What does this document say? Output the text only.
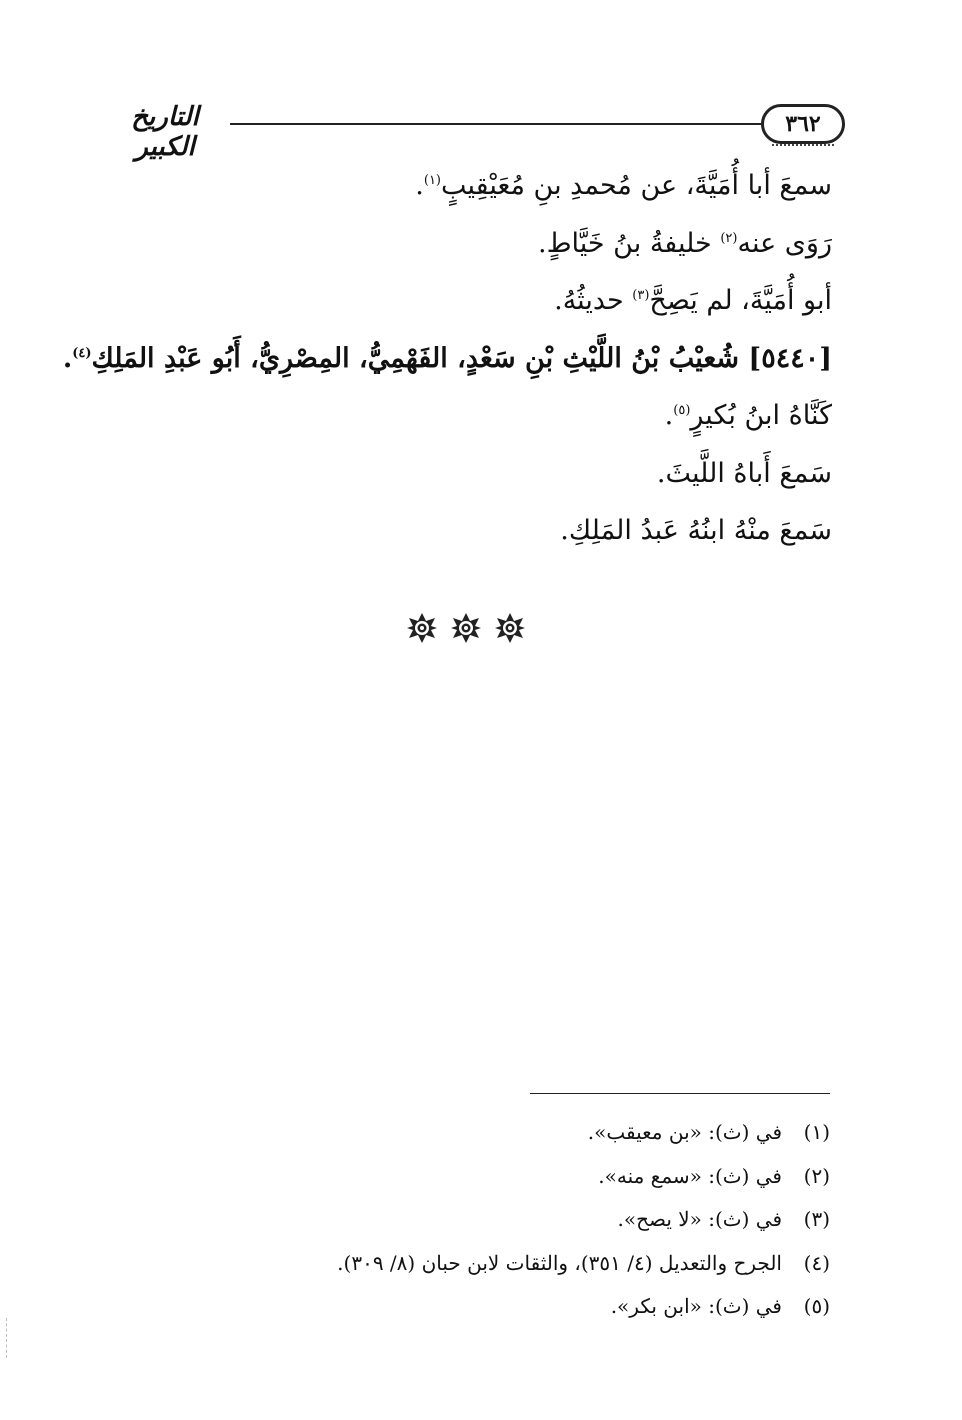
التاريخ الكبير
٣٦٢
سمعَ أبا أُمَيَّةَ، عن مُحمدِ بنِ مُعَيْقِيبٍ$^{(١)}$.
رَوَى عنه$^{(٢)}$ خليفةُ بنُ خَيَّاطٍ.
أبو أُمَيَّةَ، لم يَصِحَّ$^{(٣)}$ حديثُهُ.
[٥٤٤٠] شُعيْبُ بْنُ اللَّيْثِ بْنِ سَعْدٍ، الفَهْمِيُّ، المِصْرِيُّ، أَبُو عَبْدِ المَلِكِ$^{(٤)}$.
كَنَّاهُ ابنُ بُكيرٍ$^{(٥)}$.
سَمعَ أَباهُ اللَّيثَ.
سَمعَ منْهُ ابنُهُ عَبدُ المَلِكِ.
(١)في (ث): «بن معيقب».
(٢)في (ث): «سمع منه».
(٣)في (ث): «لا يصح».
(٤)الجرح والتعديل (٤/ ٣٥١)، والثقات لابن حبان (٨/ ٣٠٩).
(٥)في (ث): «ابن بكر».
